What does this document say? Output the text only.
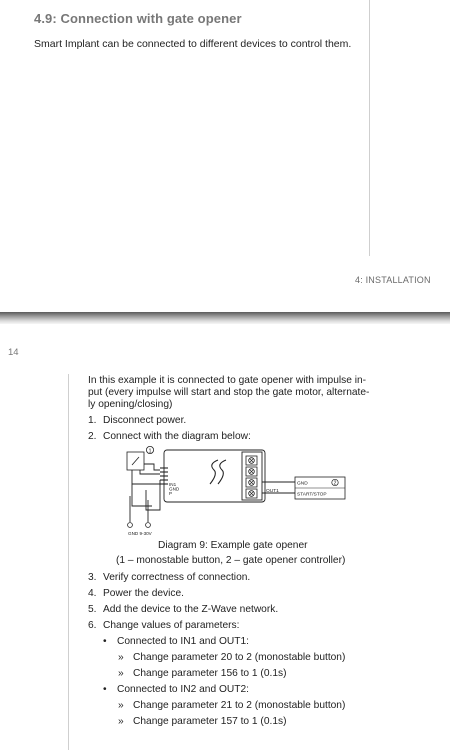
4.9: Connection with gate opener
Smart Implant can be connected to different devices to control them.
4: INSTALLATION
14
In this example it is connected to gate opener with impulse in-
put (every impulse will start and stop the gate motor, alternate-
ly opening/closing)
1. Disconnect power.
2. Connect with the diagram below:
1
IN1
GND
P	OUT1
GND
START/STOP
2
GND 9-30V
Diagram 9: Example gate opener
(1 – monostable button, 2 – gate opener controller)
3. Verify correctness of connection.
4. Power the device.
5. Add the device to the Z-Wave network.
6. Change values of parameters:
• Connected to IN1 and OUT1:
» Change parameter 20 to 2 (monostable button)
» Change parameter 156 to 1 (0.1s)
• Connected to IN2 and OUT2:
» Change parameter 21 to 2 (monostable button)
» Change parameter 157 to 1 (0.1s)
